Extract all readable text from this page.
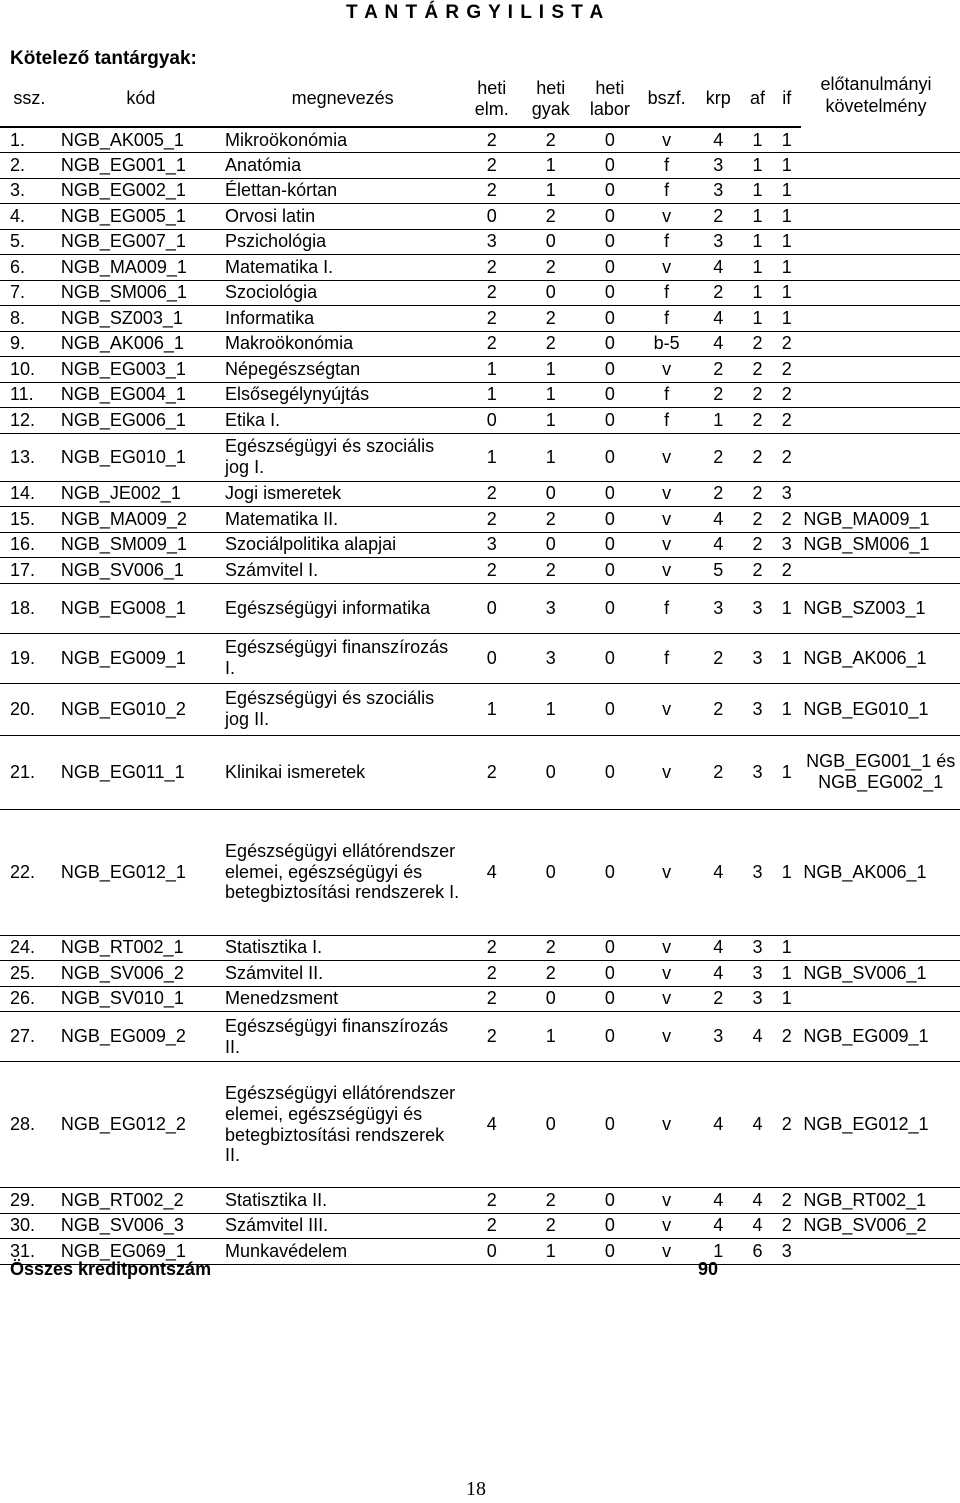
T A N T Á R G Y I L I S T A
Kötelező tantárgyak:
előtanulmányi követelmény
ssz.	kód	megnevezés	heti elm.	heti gyak	heti labor	bszf.	krp	af	if	
1.	NGB_AK005_1	Mikroökonómia	2	2	0	v	4	1	1	
2.	NGB_EG001_1	Anatómia	2	1	0	f	3	1	1	
3.	NGB_EG002_1	Élettan-kórtan	2	1	0	f	3	1	1	
4.	NGB_EG005_1	Orvosi latin	0	2	0	v	2	1	1	
5.	NGB_EG007_1	Pszichológia	3	0	0	f	3	1	1	
6.	NGB_MA009_1	Matematika I.	2	2	0	v	4	1	1	
7.	NGB_SM006_1	Szociológia	2	0	0	f	2	1	1	
8.	NGB_SZ003_1	Informatika	2	2	0	f	4	1	1	
9.	NGB_AK006_1	Makroökonómia	2	2	0	b-5	4	2	2	
10.	NGB_EG003_1	Népegészségtan	1	1	0	v	2	2	2	
11.	NGB_EG004_1	Elsősegélynyújtás	1	1	0	f	2	2	2	
12.	NGB_EG006_1	Etika I.	0	1	0	f	1	2	2	
13.	NGB_EG010_1	Egészségügyi és szociális jog I.	1	1	0	v	2	2	2	
14.	NGB_JE002_1	Jogi ismeretek	2	0	0	v	2	2	3	
15.	NGB_MA009_2	Matematika II.	2	2	0	v	4	2	2	NGB_MA009_1
16.	NGB_SM009_1	Szociálpolitika alapjai	3	0	0	v	4	2	3	NGB_SM006_1
17.	NGB_SV006_1	Számvitel I.	2	2	0	v	5	2	2	
18.	NGB_EG008_1	Egészségügyi informatika	0	3	0	f	3	3	1	NGB_SZ003_1
19.	NGB_EG009_1	Egészségügyi finanszírozás I.	0	3	0	f	2	3	1	NGB_AK006_1
20.	NGB_EG010_2	Egészségügyi és szociális jog II.	1	1	0	v	2	3	1	NGB_EG010_1
21.	NGB_EG011_1	Klinikai ismeretek	2	0	0	v	2	3	1	NGB_EG001_1 és NGB_EG002_1
22.	NGB_EG012_1	Egészségügyi ellátórendszer elemei, egészségügyi és betegbiztosítási rendszerek I.	4	0	0	v	4	3	1	NGB_AK006_1
24.	NGB_RT002_1	Statisztika I.	2	2	0	v	4	3	1	
25.	NGB_SV006_2	Számvitel II.	2	2	0	v	4	3	1	NGB_SV006_1
26.	NGB_SV010_1	Menedzsment	2	0	0	v	2	3	1	
27.	NGB_EG009_2	Egészségügyi finanszírozás II.	2	1	0	v	3	4	2	NGB_EG009_1
28.	NGB_EG012_2	Egészségügyi ellátórendszer elemei, egészségügyi és betegbiztosítási rendszerek II.	4	0	0	v	4	4	2	NGB_EG012_1
29.	NGB_RT002_2	Statisztika II.	2	2	0	v	4	4	2	NGB_RT002_1
30.	NGB_SV006_3	Számvitel III.	2	2	0	v	4	4	2	NGB_SV006_2
31.	NGB_EG069_1	Munkavédelem	0	1	0	v	1	6	3	
Összes kreditpontszám	90
18
